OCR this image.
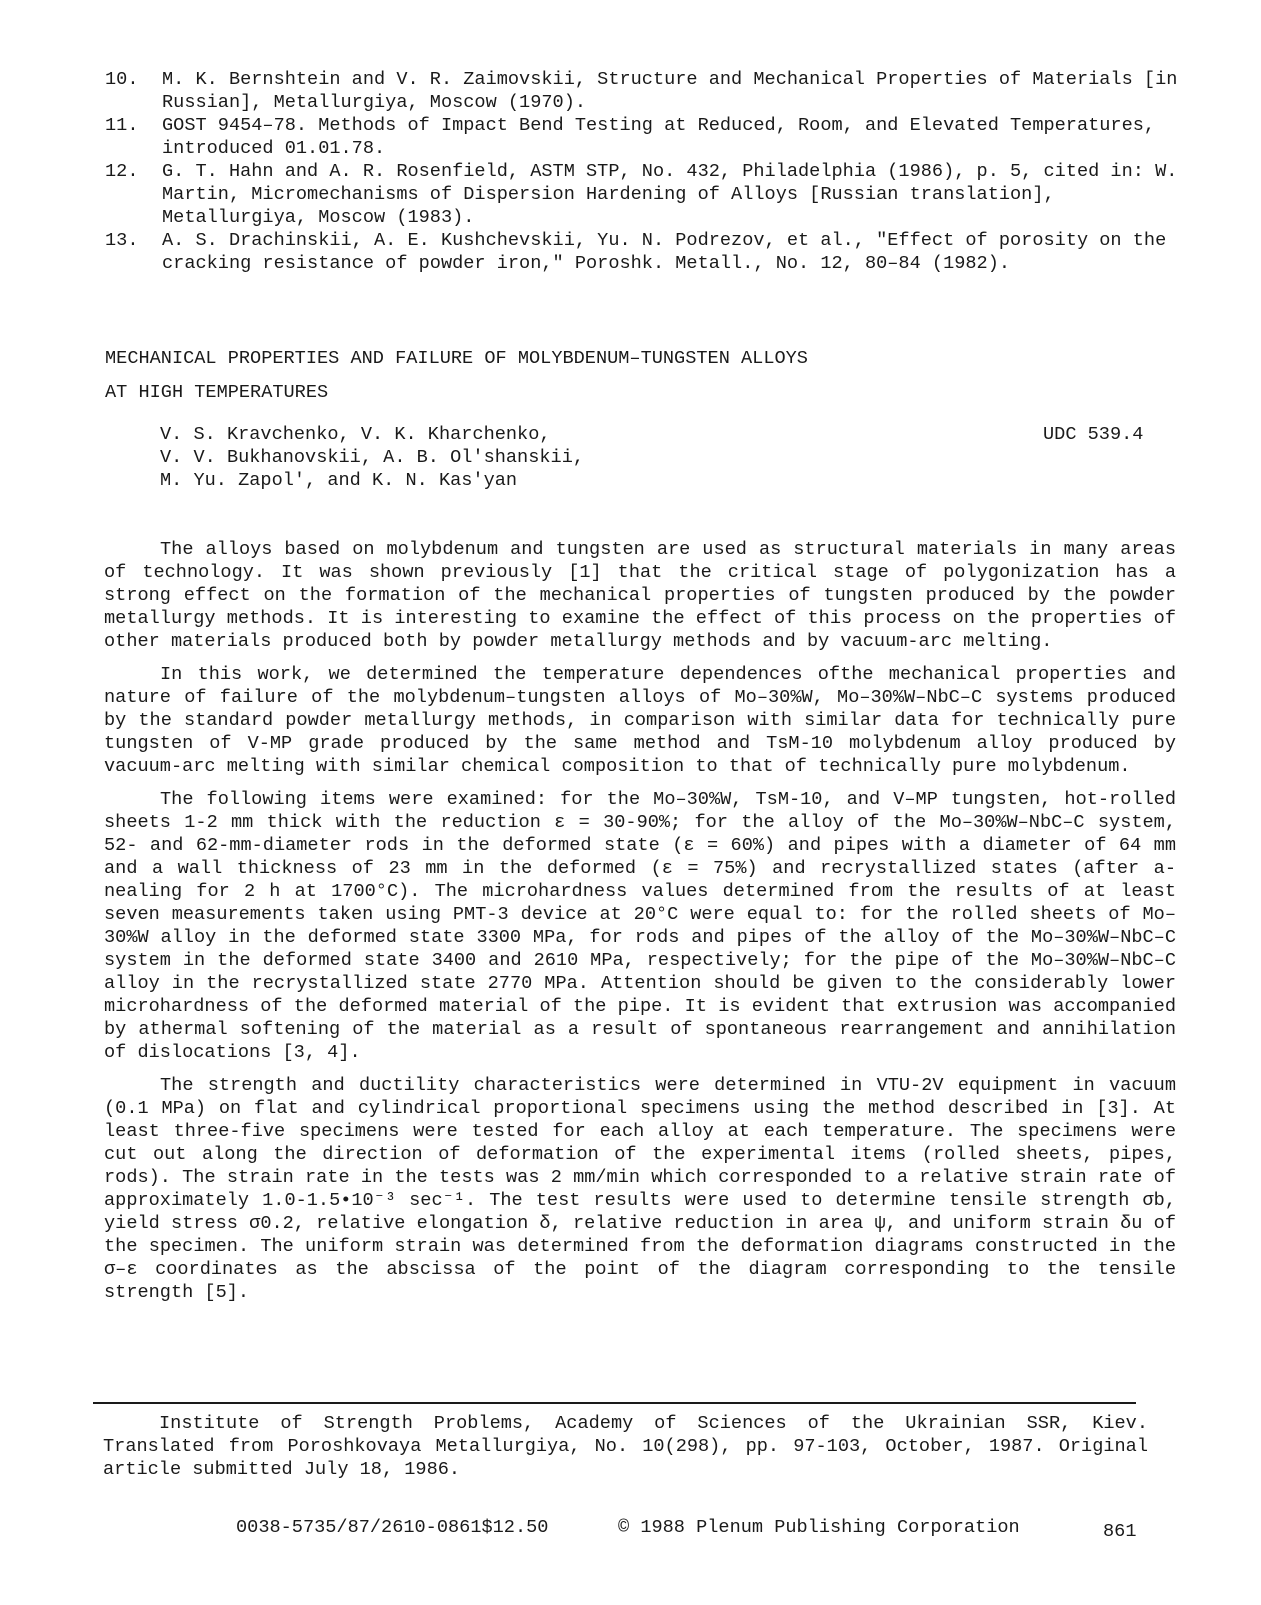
10.	M. K. Bernshtein and V. R. Zaimovskii, Structure and Mechanical Properties of Materials [in Russian], Metallurgiya, Moscow (1970).
11.	GOST 9454–78. Methods of Impact Bend Testing at Reduced, Room, and Elevated Temperatures, introduced 01.01.78.
12.	G. T. Hahn and A. R. Rosenfield, ASTM STP, No. 432, Philadelphia (1986), p. 5, cited in: W. Martin, Micromechanisms of Dispersion Hardening of Alloys [Russian translation], Metallurgiya, Moscow (1983).
13.	A. S. Drachinskii, A. E. Kushchevskii, Yu. N. Podrezov, et al., "Effect of porosity on the cracking resistance of powder iron," Poroshk. Metall., No. 12, 80–84 (1982).
MECHANICAL PROPERTIES AND FAILURE OF MOLYBDENUM–TUNGSTEN ALLOYS
AT HIGH TEMPERATURES
V. S. Kravchenko, V. K. Kharchenko,
V. V. Bukhanovskii, A. B. Ol'shanskii,
M. Yu. Zapol', and K. N. Kas'yan
UDC 539.4

The alloys based on molybdenum and tungsten are used as structural materials in many areas of technology. It was shown previously [1] that the critical stage of polygonization has a strong effect on the formation of the mechanical properties of tungsten produced by the powder metallurgy methods. It is interesting to examine the effect of this process on the properties of other materials produced both by powder metallurgy methods and by vacuum-arc melting.

In this work, we determined the temperature dependences ofthe mechanical properties and nature of failure of the molybdenum–tungsten alloys of Mo–30%W, Mo–30%W–NbC–C systems produced by the standard powder metallurgy methods, in comparison with similar data for technically pure tungsten of V-MP grade produced by the same method and TsM-10 molybdenum alloy produced by vacuum-arc melting with similar chemical composition to that of technically pure molybdenum.

The following items were examined: for the Mo–30%W, TsM-10, and V–MP tungsten, hot-rolled sheets 1-2 mm thick with the reduction ε = 30-90%; for the alloy of the Mo–30%W–NbC–C system, 52- and 62-mm-diameter rods in the deformed state (ε = 60%) and pipes with a diameter of 64 mm and a wall thickness of 23 mm in the deformed (ε = 75%) and recrystallized states (after a-nealing for 2 h at 1700°C). The microhardness values determined from the results of at least seven measurements taken using PMT-3 device at 20°C were equal to: for the rolled sheets of Mo–30%W alloy in the deformed state 3300 MPa, for rods and pipes of the alloy of the Mo–30%W–NbC–C system in the deformed state 3400 and 2610 MPa, respectively; for the pipe of the Mo–30%W–NbC–C alloy in the recrystallized state 2770 MPa. Attention should be given to the considerably lower microhardness of the deformed material of the pipe. It is evident that extrusion was accompanied by athermal softening of the material as a result of spontaneous rearrangement and annihilation of dislocations [3, 4].

The strength and ductility characteristics were determined in VTU-2V equipment in vacuum (0.1 MPa) on flat and cylindrical proportional specimens using the method described in [3]. At least three-five specimens were tested for each alloy at each temperature. The specimens were cut out along the direction of deformation of the experimental items (rolled sheets, pipes, rods). The strain rate in the tests was 2 mm/min which corresponded to a relative strain rate of approximately 1.0-1.5•10⁻³ sec⁻¹. The test results were used to determine tensile strength σb, yield stress σ0.2, relative elongation δ, relative reduction in area ψ, and uniform strain δu of the specimen. The uniform strain was determined from the deformation diagrams constructed in the σ–ε coordinates as the abscissa of the point of the diagram corresponding to the tensile strength [5].

Institute of Strength Problems, Academy of Sciences of the Ukrainian SSR, Kiev. Translated from Poroshkovaya Metallurgiya, No. 10(298), pp. 97-103, October, 1987. Original article submitted July 18, 1986.
0038-5735/87/2610-0861$12.50	© 1988 Plenum Publishing Corporation	861
